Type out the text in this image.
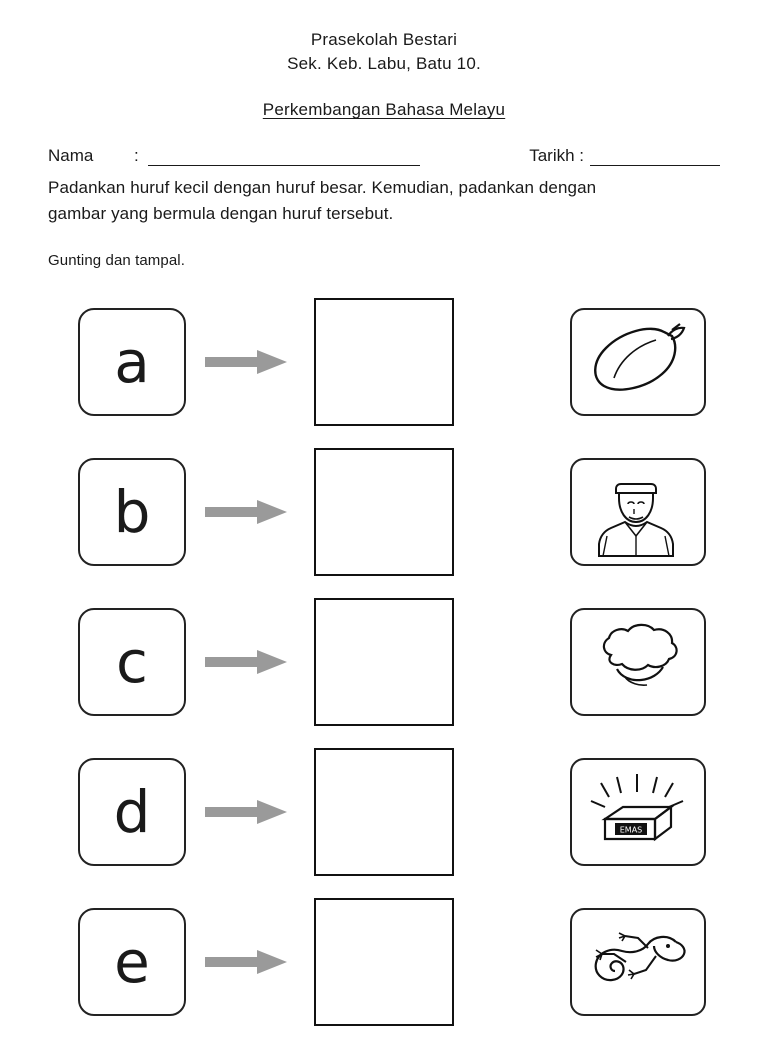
Prasekolah Bestari
Sek. Keb. Labu, Batu 10.
Perkembangan Bahasa Melayu
Nama	:	Tarikh :
Padankan huruf kecil dengan huruf besar. Kemudian, padankan dengan
gambar yang bermula dengan huruf tersebut.
Gunting dan tampal.
a
b
c
d	EMAS
e
